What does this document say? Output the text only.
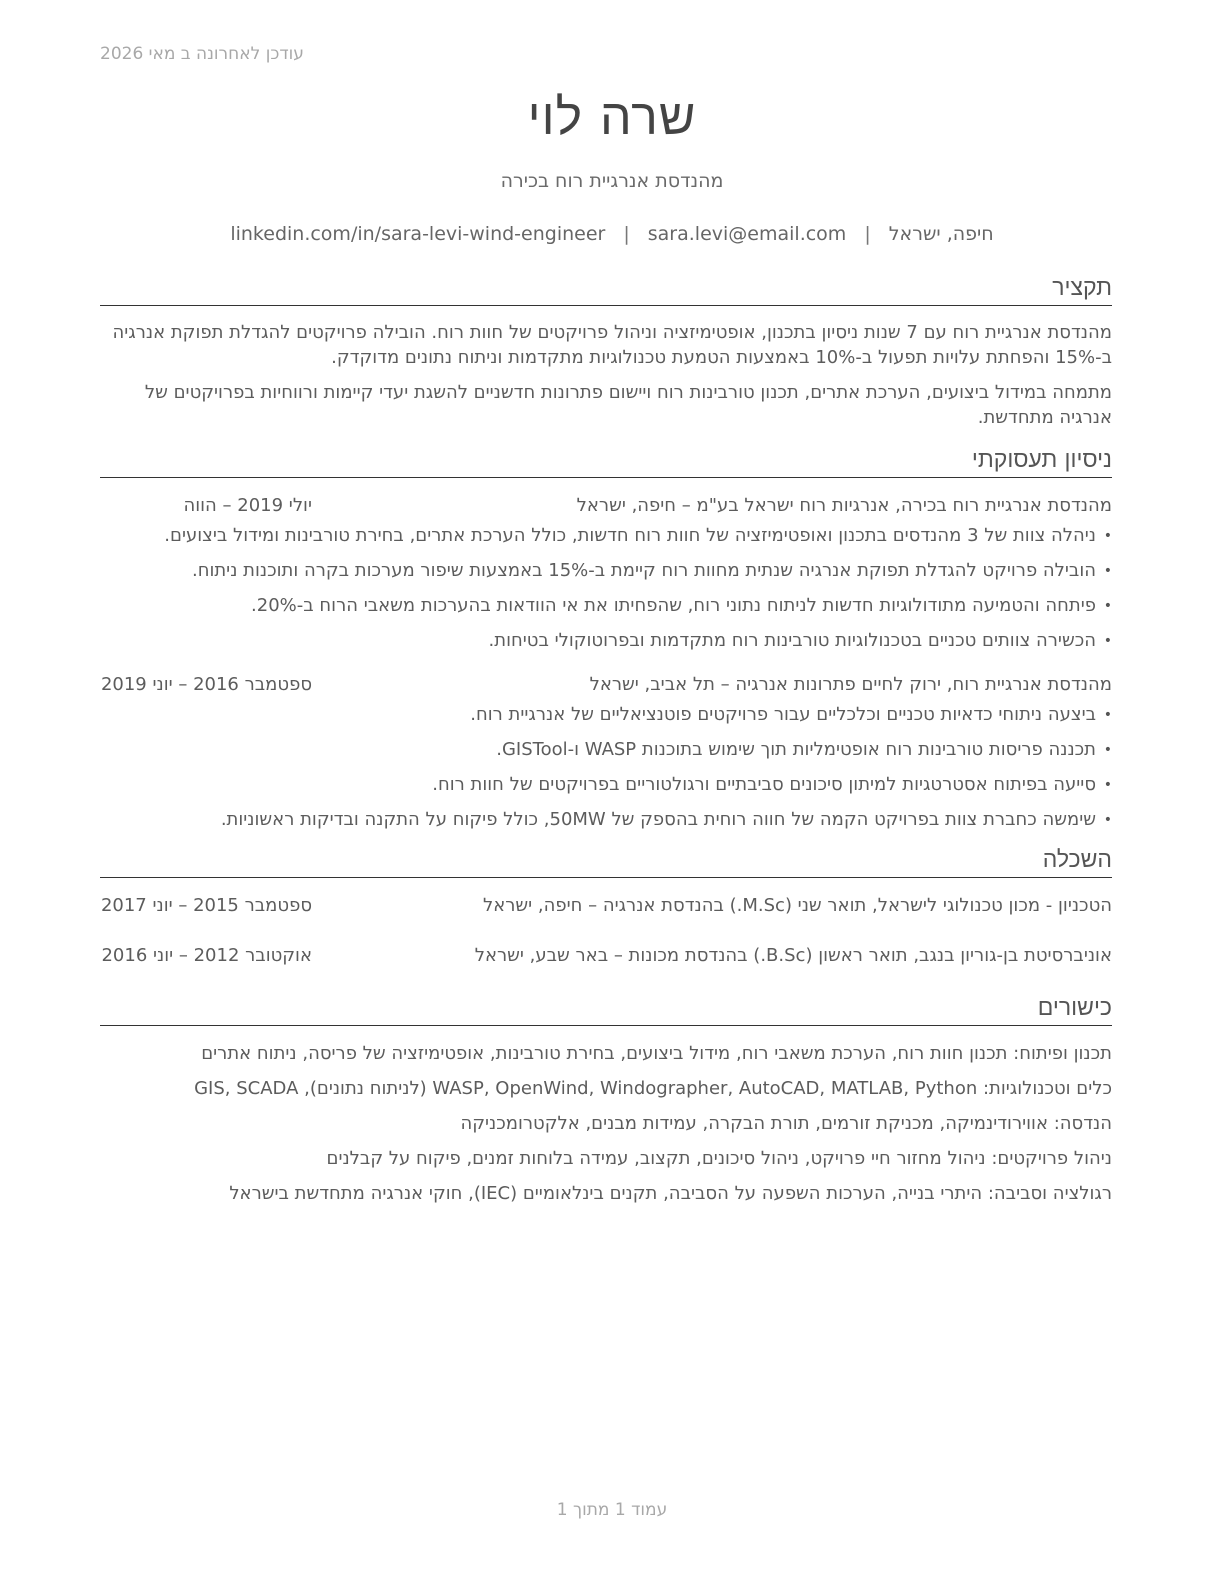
עודכן לאחרונה ב מאי 2026
שרה לוי
מהנדסת אנרגיית רוח בכירה
חיפה, ישראל
|
sara.levi@email.com
|
linkedin.com/in/sara-levi-wind-engineer
תקציר

מהנדסת אנרגיית רוח עם 7 שנות ניסיון בתכנון, אופטימיזציה וניהול פרויקטים של חוות רוח. הובילה פרויקטים להגדלת תפוקת אנרגיה ב-15% והפחתת עלויות תפעול ב-10% באמצעות הטמעת טכנולוגיות מתקדמות וניתוח נתונים מדוקדק.

מתמחה במידול ביצועים, הערכת אתרים, תכנון טורבינות רוח ויישום פתרונות חדשניים להשגת יעדי קיימות ורווחיות בפרויקטים של אנרגיה מתחדשת.

ניסיון תעסוקתי
מהנדסת אנרגיית רוח בכירה, אנרגיות רוח ישראל בע"מ – חיפה, ישראל
יולי 2019 – הווה
• ניהלה צוות של 3 מהנדסים בתכנון ואופטימיזציה של חוות רוח חדשות, כולל הערכת אתרים, בחירת טורבינות ומידול ביצועים.
• הובילה פרויקט להגדלת תפוקת אנרגיה שנתית מחוות רוח קיימת ב-15% באמצעות שיפור מערכות בקרה ותוכנות ניתוח.
• פיתחה והטמיעה מתודולוגיות חדשות לניתוח נתוני רוח, שהפחיתו את אי הוודאות בהערכות משאבי הרוח ב-20%.
• הכשירה צוותים טכניים בטכנולוגיות טורבינות רוח מתקדמות ובפרוטוקולי בטיחות.
מהנדסת אנרגיית רוח, ירוק לחיים פתרונות אנרגיה – תל אביב, ישראל
ספטמבר 2016 – יוני 2019
• ביצעה ניתוחי כדאיות טכניים וכלכליים עבור פרויקטים פוטנציאליים של אנרגיית רוח.
• תכננה פריסות טורבינות רוח אופטימליות תוך שימוש בתוכנות WASP ו-GISTool.
• סייעה בפיתוח אסטרטגיות למיתון סיכונים סביבתיים ורגולטוריים בפרויקטים של חוות רוח.
• שימשה כחברת צוות בפרויקט הקמה של חווה רוחית בהספק של 50MW, כולל פיקוח על התקנה ובדיקות ראשוניות.
השכלה
הטכניון - מכון טכנולוגי לישראל, תואר שני (M.Sc.) בהנדסת אנרגיה – חיפה, ישראל
ספטמבר 2015 – יוני 2017
אוניברסיטת בן-גוריון בנגב, תואר ראשון (B.Sc.) בהנדסת מכונות – באר שבע, ישראל
אוקטובר 2012 – יוני 2016
כישורים
תכנון ופיתוח: תכנון חוות רוח, הערכת משאבי רוח, מידול ביצועים, בחירת טורבינות, אופטימיזציה של פריסה, ניתוח אתרים
כלים וטכנולוגיות: WASP, OpenWind, Windographer, AutoCAD, MATLAB, Python (לניתוח נתונים), GIS, SCADA
הנדסה: אווירודינמיקה, מכניקת זורמים, תורת הבקרה, עמידות מבנים, אלקטרומכניקה
ניהול פרויקטים: ניהול מחזור חיי פרויקט, ניהול סיכונים, תקצוב, עמידה בלוחות זמנים, פיקוח על קבלנים
רגולציה וסביבה: היתרי בנייה, הערכות השפעה על הסביבה, תקנים בינלאומיים (IEC), חוקי אנרגיה מתחדשת בישראל
עמוד 1 מתוך 1
